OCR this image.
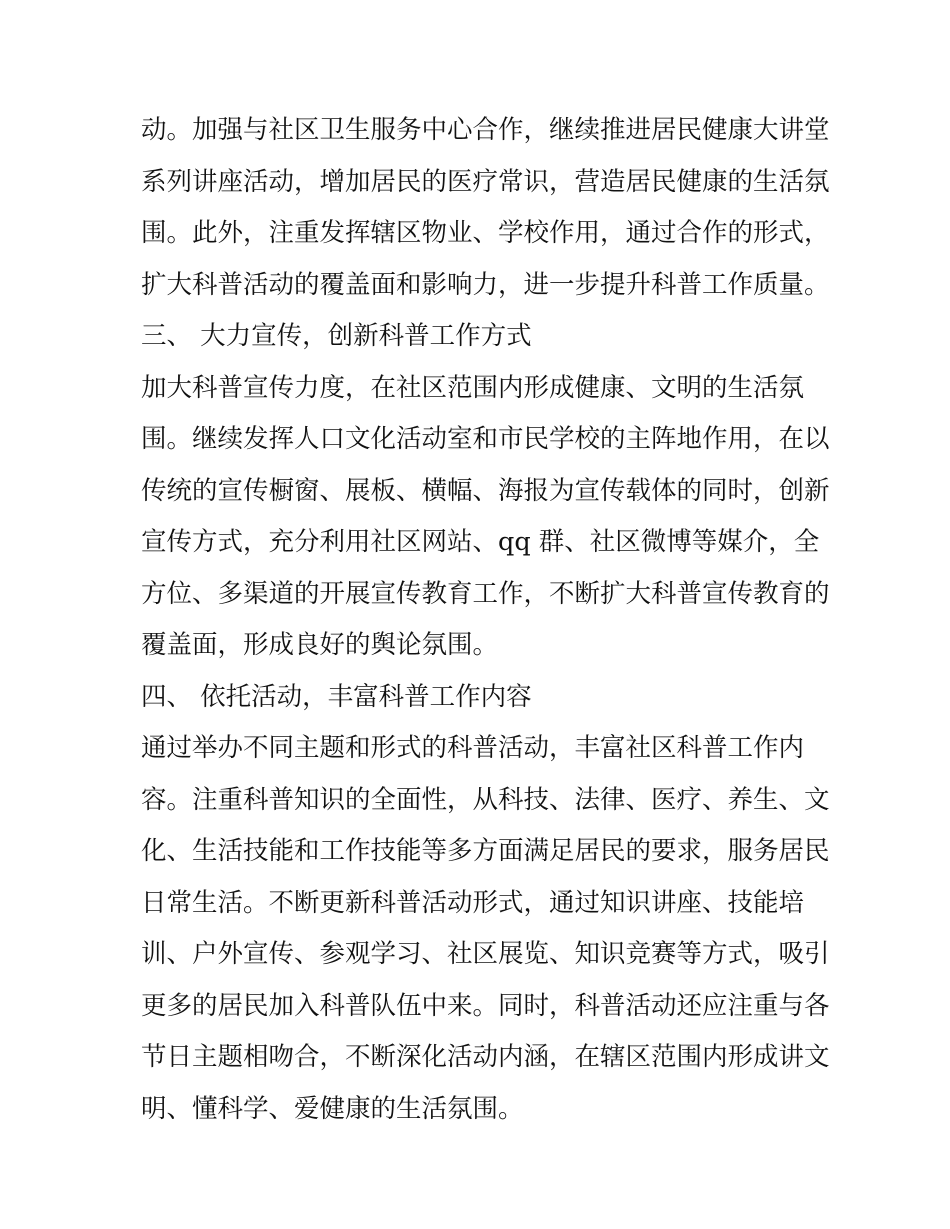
动。加强与社区卫生服务中心合作，继续推进居民健康大讲堂
系列讲座活动，增加居民的医疗常识，营造居民健康的生活氛
围。此外，注重发挥辖区物业、学校作用，通过合作的形式，
扩大科普活动的覆盖面和影响力，进一步提升科普工作质量。
三、 大力宣传，创新科普工作方式
加大科普宣传力度，在社区范围内形成健康、文明的生活氛
围。继续发挥人口文化活动室和市民学校的主阵地作用，在以
传统的宣传橱窗、展板、横幅、海报为宣传载体的同时，创新
宣传方式，充分利用社区网站、qq 群、社区微博等媒介，全
方位、多渠道的开展宣传教育工作，不断扩大科普宣传教育的
覆盖面，形成良好的舆论氛围。
四、 依托活动，丰富科普工作内容
通过举办不同主题和形式的科普活动，丰富社区科普工作内
容。注重科普知识的全面性，从科技、法律、医疗、养生、文
化、生活技能和工作技能等多方面满足居民的要求，服务居民
日常生活。不断更新科普活动形式，通过知识讲座、技能培
训、户外宣传、参观学习、社区展览、知识竞赛等方式，吸引
更多的居民加入科普队伍中来。同时，科普活动还应注重与各
节日主题相吻合，不断深化活动内涵，在辖区范围内形成讲文
明、懂科学、爱健康的生活氛围。
